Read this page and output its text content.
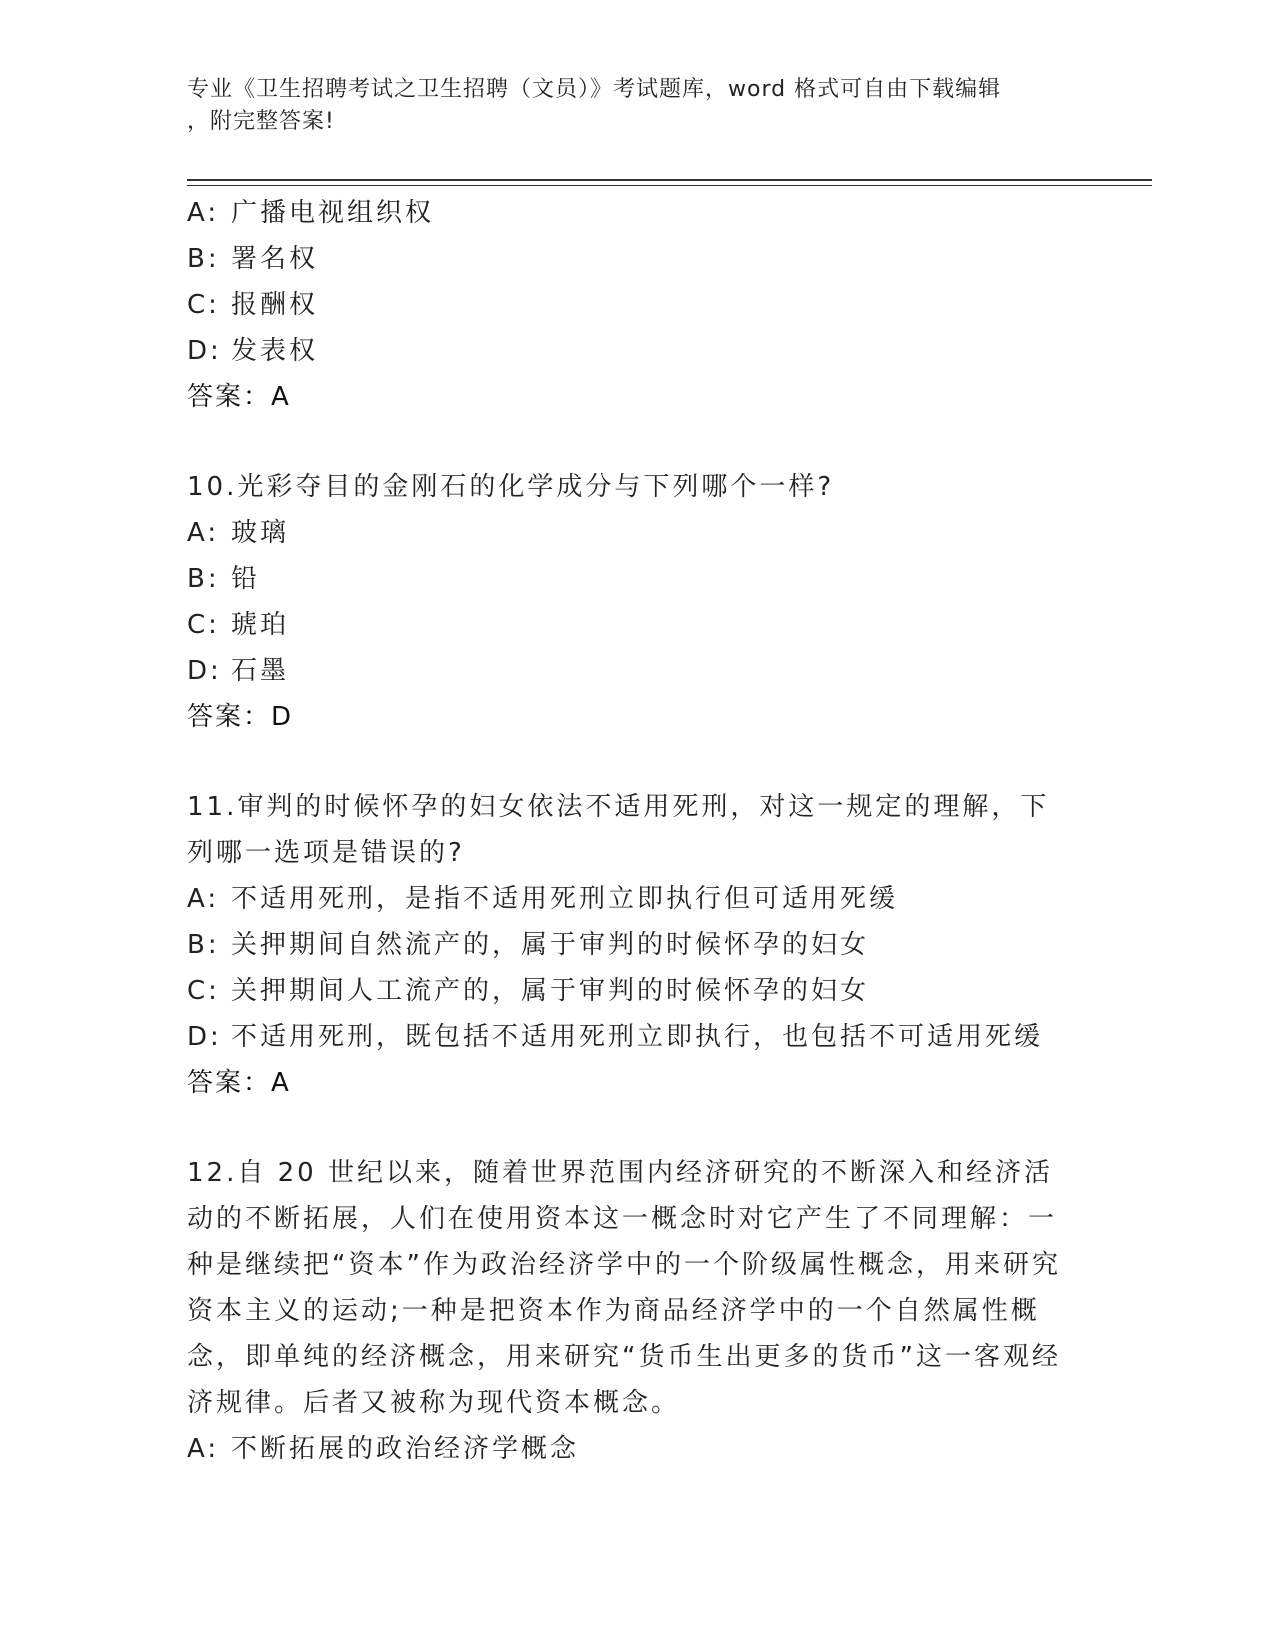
专业《卫生招聘考试之卫生招聘（文员）》考试题库，word 格式可自由下载编辑
，附完整答案!
A: 广播电视组织权
B: 署名权
C: 报酬权
D: 发表权
答案：A
10.光彩夺目的金刚石的化学成分与下列哪个一样?
A: 玻璃
B: 铅
C: 琥珀
D: 石墨
答案：D
11.审判的时候怀孕的妇女依法不适用死刑，对这一规定的理解，下列哪一选项是错误的?
A: 不适用死刑，是指不适用死刑立即执行但可适用死缓
B: 关押期间自然流产的，属于审判的时候怀孕的妇女
C: 关押期间人工流产的，属于审判的时候怀孕的妇女
D: 不适用死刑，既包括不适用死刑立即执行，也包括不可适用死缓
答案：A
12.自 20 世纪以来，随着世界范围内经济研究的不断深入和经济活动的不断拓展，人们在使用资本这一概念时对它产生了不同理解：一种是继续把“资本”作为政治经济学中的一个阶级属性概念，用来研究资本主义的运动;一种是把资本作为商品经济学中的一个自然属性概念，即单纯的经济概念，用来研究“货币生出更多的货币”这一客观经济规律。后者又被称为现代资本概念。
A: 不断拓展的政治经济学概念
